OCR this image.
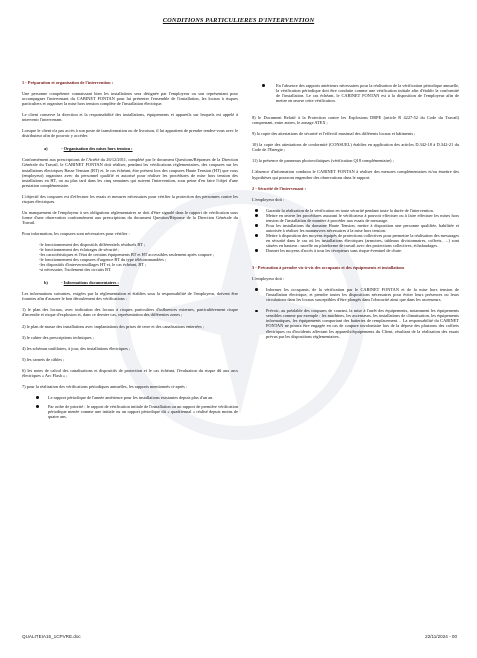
CONDITIONS PARTICULIERES D'INTERVENTION
1 - Préparation et organisation de l'intervention :

Une personne compétente connaissant bien les installations sera désignée par l'employeur ou son représentant pour accompagner l'intervenant du CABINET FONTAN pour lui présenter l'ensemble de l'installation, les locaux à risques particuliers et organiser la mise hors tension complète de l'installation électrique.

Le client conserve la direction et la responsabilité des installations, équipements et appareils sur lesquels est appelé à intervenir l'intervenant.

Lorsque le client n'a pas accès à son poste de transformation ou de livraison, il lui appartient de prendre rendez-vous avec le distributeur afin de pouvoir y accéder.

a)	- Organisation des mises hors tension :

Conformément aux prescriptions de l'Arrêté du 26/12/2011, complété par le document Questions/Réponses de la Direction Générale du Travail, le CABINET FONTAN doit réaliser, pendant les vérifications réglementaires, des coupures sur les installations électriques Basse Tension (BT) et, le cas échéant, être présent lors des coupures Haute Tension (HT) que vous (employeur) organisez avec du personnel qualifié et autorisé pour réaliser les procédures de mise hors tension des installations en HT, ou au plus tard dans les cinq semaines qui suivent l'intervention, sous peine d'en faire l'objet d'une prestation complémentaire.

L'objectif des coupures est d'effectuer les essais et mesures nécessaires pour vérifier la protection des personnes contre les risques électriques.

Un manquement de l'employeur à ses obligations réglementaires se doit d'être signalé dans le rapport de vérification sous forme d'une observation conformément aux prescriptions du document Question/Réponse de la Direction Générale du Travail.

Pour information, les coupures sont nécessaires pour vérifier :

-le fonctionnement des dispositifs différentiels résiduels BT ;
-le fonctionnement des éclairages de sécurité ;
-les caractéristiques et l'état de certains équipements BT et HT accessibles seulement après coupure ;
-le fonctionnement des coupures d'urgence BT du type télécommandées ;
-les dispositifs d'interverrouillages HT et, le cas échéant, BT ;
-si nécessaire, l'isolement des circuits BT.
b)	- Informations documentaires :

Les informations suivantes, exigées par la réglementation et établies sous la responsabilité de l'employeur, doivent être fournies afin d'assurer le bon déroulement des vérifications :

1) le plan des locaux, avec indication des locaux à risques particuliers d'influences externes, particulièrement risque d'incendie et risque d'explosion et, dans ce dernier cas, représentation des différentes zones ;

2) le plan de masse des installations avec implantations des prises de terre et des canalisations enterrées ;

3) le cahier des prescriptions techniques ;

4) les schémas unifilaires, à jour, des installations électriques ;

5) les carnets de câbles ;

6) les notes de calcul des canalisations et dispositifs de protection et le cas échéant, l'évaluation du risque dû aux arcs électriques « Arc Flash » ;

7) pour la réalisation des vérifications périodiques annuelles, les rapports mentionnés ci-après :

Le rapport périodique de l'année antérieure pour les installations existantes depuis plus d'un an.
Par ordre de priorité : le rapport de vérification initiale de l'installation ou un rapport de première vérification périodique menée comme une initiale ou un rapport périodique dit « quadriennal » réalisé depuis moins de quatre ans.
En l'absence des rapports antérieurs nécessaires pour la réalisation de la vérification périodique annuelle, la vérification périodique doit être conduite comme une vérification initiale afin d'établir la conformité de l'installation. Le cas échéant, le CABINET FONTAN est à la disposition de l'employeur afin de mettre en œuvre cette vérification.

8) le Document Relatif à la Protection contre les Explosions DRPE (article R 4227-52 du Code du Travail) comprenant, entre autres, le zonage ATEX ;

9) la copie des attestations de sécurité et l'effectif maximal des différents locaux et bâtiments ;

10) la copie des attestations de conformité (CONSUEL) établies en application des articles D.342-18 à D.342-21 du Code de l'Energie ;

11) la présence de panneaux photovoltaïques (vérification Q18 complémentaire) ;

L'absence d'information conduira le CABINET FONTAN à réaliser des mesures complémentaires et/ou émettre des hypothèses qui pourront engendrer des observations dans le rapport.

2 - Sécurité de l'intervenant :

L'employeur doit :

Garantir la réalisation de la vérification en toute sécurité pendant toute la durée de l'intervention.
Mettre en œuvre les procédures assurant le vérificateur à pouvoir effectuer ou à faire effectuer les mises hors tension de l'installation de manière à procéder aux essais de mesurage.
Pour les installations du domaine Haute Tension, mettre à disposition une personne qualifiée, habilitée et autorisée à réaliser les manœuvres nécessaires à la mise hors tension.
Mettre à disposition des moyens équipés de protections collectives pour permettre la réalisation des mesurages en sécurité dans le cas où les installations électriques (armoires, tableaux divisionnaires, coffrets, …) sont situées en hauteur : nacelle ou plateforme de travail avec des protections collectives, échafaudages.
Donner les moyens d'accès à tous les récepteurs sans risque éventuel de chute.
3 - Précaution à prendre vis-à-vis des occupants et des équipements et installations

L'employeur doit :

Informer les occupants, de la vérification par le CABINET FONTAN et de la mise hors tension de l'installation électrique, et prendre toutes les dispositions nécessaires pour éviter leurs présences ou leurs circulations dans les locaux susceptibles d'être plongés dans l'obscurité ainsi que dans les ascenseurs.
Prévoir, au préalable des coupures de courant, la mise à l'arrêt des équipements, notamment les équipements sensibles comme par exemple : les machines, les ascenseurs, les installations de climatisation, les équipements informatiques, les équipements comportant des batteries de remplacement… La responsabilité du CABINET FONTAN ne pourra être engagée en cas de coupure involontaire lors de la dépose des plastrons des coffrets électriques ou d'incidents affectant les appareils/équipements du Client, résultant de la réalisation des essais prévus par les dispositions réglementaires.
QUALITEIA15_1CPVRE.doc	22/11/2024 - 00
